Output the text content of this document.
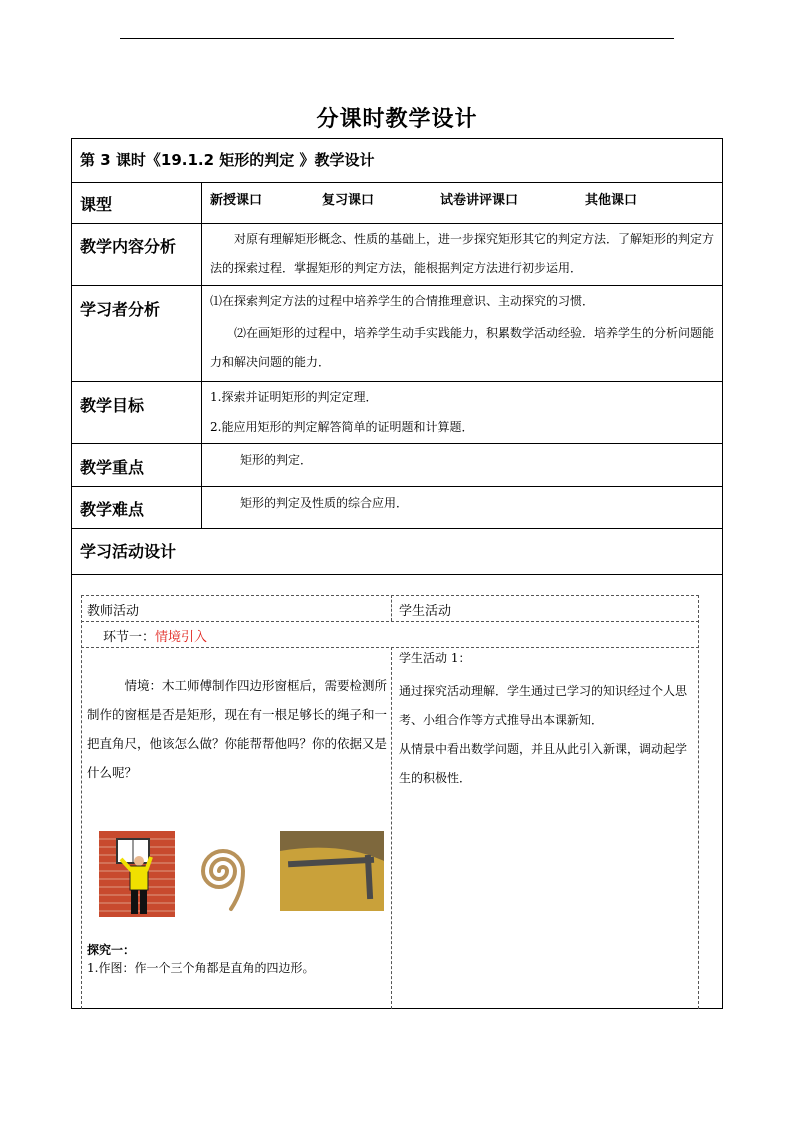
分课时教学设计
第 3 课时《19.1.2 矩形的判定 》教学设计
课型	新授课口	复习课口	试卷讲评课口	其他课口
教学内容分析	对原有理解矩形概念、性质的基础上，进一步探究矩形其它的判定方法．了解矩形的判定方法的探索过程．掌握矩形的判定方法，能根据判定方法进行初步运用．
学习者分析	⑴在探索判定方法的过程中培养学生的合情推理意识、主动探究的习惯．
⑵在画矩形的过程中，培养学生动手实践能力，积累数学活动经验．培养学生的分析问题能力和解决问题的能力．
教学目标	1.探索并证明矩形的判定定理．
2.能应用矩形的判定解答简单的证明题和计算题．
教学重点	矩形的判定．
教学难点	矩形的判定及性质的综合应用．
学习活动设计
教师活动	学生活动
环节一：情境引入
情境：木工师傅制作四边形窗框后，需要检测所制作的窗框是否是矩形，现在有一根足够长的绳子和一把直角尺，他该怎么做？你能帮帮他吗？你的依据又是什么呢？
探究一：
1.作图：作一个三个角都是直角的四边形。
学生活动 1：
通过探究活动理解．学生通过已学习的知识经过个人思考、小组合作等方式推导出本课新知．
从情景中看出数学问题，并且从此引入新课，调动起学生的积极性．
